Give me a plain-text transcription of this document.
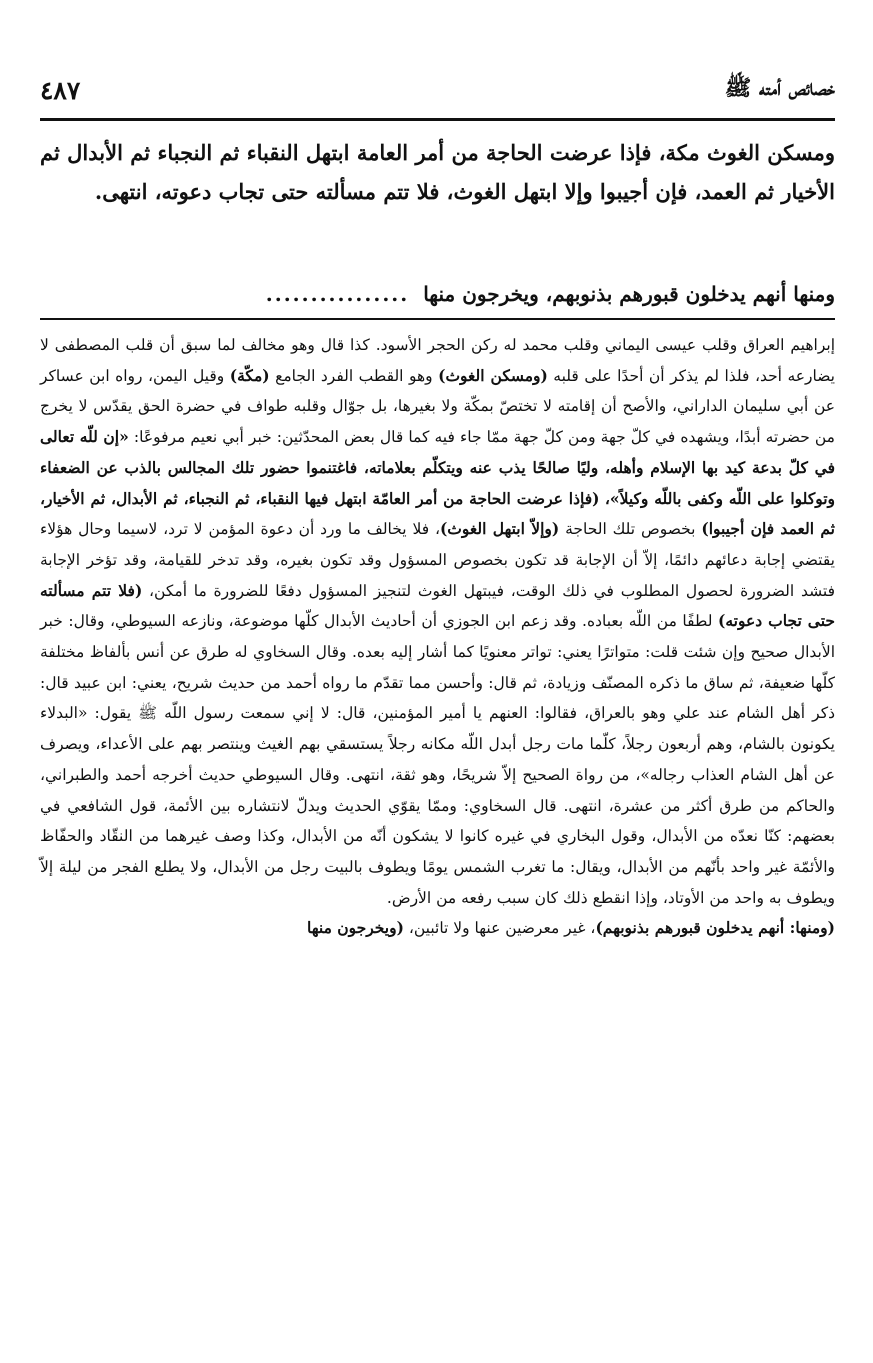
خصائص أمته ﷺ
٤٨٧

ومسكن الغوث مكة، فإذا عرضت الحاجة من أمر العامة ابتهل النقباء ثم النجباء ثم الأبدال ثم الأخيار ثم العمد، فإن أجيبوا وإلا ابتهل الغوث، فلا تتم مسألته حتى تجاب دعوته، انتهى.

ومنها أنهم يدخلون قبورهم بذنوبهم، ويخرجون منها
................

إبراهيم العراق وقلب عيسى اليماني وقلب محمد له ركن الحجر الأسود. كذا قال وهو مخالف لما سبق أن قلب المصطفى لا يضارعه أحد، فلذا لم يذكر أن أحدًا على قلبه (ومسكن الغوث) وهو القطب الفرد الجامع (مكّة) وقيل اليمن، رواه ابن عساكر عن أبي سليمان الداراني، والأصح أن إقامته لا تختصّ بمكّة ولا بغيرها، بل جوّال وقلبه طواف في حضرة الحق يقدّس لا يخرج من حضرته أبدًا، ويشهده في كلّ جهة ومن كلّ جهة ممّا جاء فيه كما قال بعض المحدّثين: خبر أبي نعيم مرفوعًا: «إن للّه تعالى في كلّ بدعة كيد بها الإسلام وأهله، وليًا صالحًا يذب عنه ويتكلّم بعلاماته، فاغتنموا حضور تلك المجالس بالذب عن الضعفاء وتوكلوا على اللّه وكفى باللّه وكيلاً»، (فإذا عرضت الحاجة من أمر العامّة ابتهل فيها النقباء، ثم النجباء، ثم الأبدال، ثم الأخيار، ثم العمد فإن أجيبوا) بخصوص تلك الحاجة (وإلاّ ابتهل الغوث)، فلا يخالف ما ورد أن دعوة المؤمن لا ترد، لاسيما وحال هؤلاء يقتضي إجابة دعائهم دائمًا، إلاّ أن الإجابة قد تكون بخصوص المسؤول وقد تكون بغيره، وقد تدخر للقيامة، وقد تؤخر الإجابة فتشد الضرورة لحصول المطلوب في ذلك الوقت، فيبتهل الغوث لتنجيز المسؤول دفعًا للضرورة ما أمكن، (فلا تتم مسألته حتى تجاب دعوته) لطفًا من اللّه بعباده. وقد زعم ابن الجوزي أن أحاديث الأبدال كلّها موضوعة، ونازعه السيوطي، وقال: خبر الأبدال صحيح وإن شئت قلت: متواترًا يعني: تواتر معنويًا كما أشار إليه بعده. وقال السخاوي له طرق عن أنس بألفاظ مختلفة كلّها ضعيفة، ثم ساق ما ذكره المصنّف وزيادة، ثم قال: وأحسن مما تقدّم ما رواه أحمد من حديث شريح، يعني: ابن عبيد قال: ذكر أهل الشام عند علي وهو بالعراق، فقالوا: العنهم يا أمير المؤمنين، قال: لا إني سمعت رسول اللّه ﷺ يقول: «البدلاء يكونون بالشام، وهم أربعون رجلاً، كلّما مات رجل أبدل اللّه مكانه رجلاً يستسقي بهم الغيث وينتصر بهم على الأعداء، ويصرف عن أهل الشام العذاب رجاله»، من رواة الصحيح إلاّ شريحًا، وهو ثقة، انتهى. وقال السيوطي حديث أخرجه أحمد والطبراني، والحاكم من طرق أكثر من عشرة، انتهى. قال السخاوي: وممّا يقوّي الحديث ويدلّ لانتشاره بين الأئمة، قول الشافعي في بعضهم: كنّا نعدّه من الأبدال، وقول البخاري في غيره كانوا لا يشكون أنّه من الأبدال، وكذا وصف غيرهما من النقّاد والحفّاظ والأئمّة غير واحد بأنّهم من الأبدال، ويقال: ما تغرب الشمس يومًا ويطوف بالبيت رجل من الأبدال، ولا يطلع الفجر من ليلة إلاّ ويطوف به واحد من الأوتاد، وإذا انقطع ذلك كان سبب رفعه من الأرض.

(ومنها: أنهم يدخلون قبورهم بذنوبهم)، غير معرضين عنها ولا تائبين، (ويخرجون منها
